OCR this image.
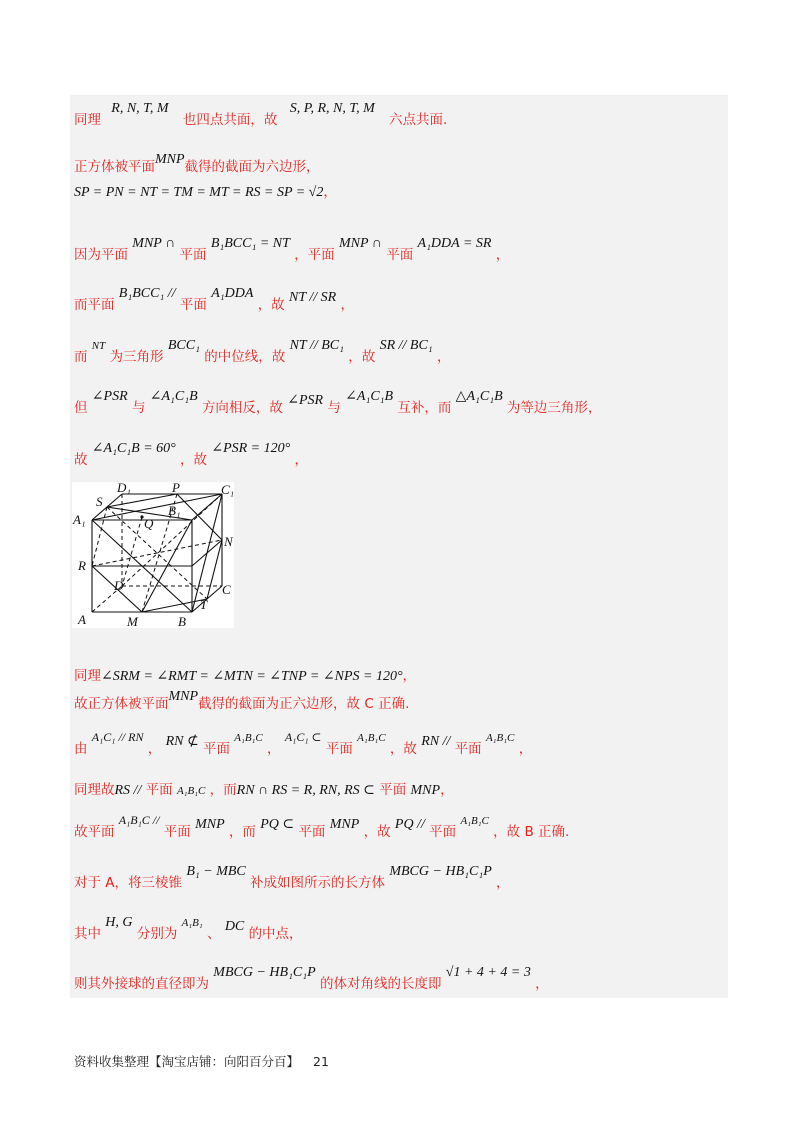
同理 R, N, T, M 也四点共面，故 S, P, R, N, T, M 六点共面.
正方体被平面MNP截得的截面为六边形，
SP = PN = NT = TM = MT = RS = SP = √2，
因为平面 MNP ∩ 平面 B₁BCC₁ = NT ，平面 MNP ∩ 平面 A₁DDA = SR ，
而平面 B₁BCC₁ // 平面 A₁DDA ，故 NT // SR ，
而 $^{NT}$ 为三角形 BCC₁ 的中位线，故 NT // BC₁ ，故 SR // BC₁ ，
但 ∠PSR 与 ∠A₁C₁B 方向相反，故 ∠PSR 与 ∠A₁C₁B 互补，而 △A₁C₁B 为等边三角形，
故 ∠A₁C₁B = 60° ，故 ∠PSR = 120° ，
D₁	P	C₁
S
A₁	Q
B₁
N
R
D	C
T
A	M	B
同理∠SRM = ∠RMT = ∠MTN = ∠TNP = ∠NPS = 120°，
故正方体被平面MNP截得的截面为正六边形，故 C 正确.
由 A₁C₁ // RN ， RN ⊄ 平面 $^{A_1B_1C}$ ， A₁C₁ ⊂ 平面 $^{A_1B_1C}$ ，故 RN // 平面 $^{A_1B_1C}$ ，
同理故RS // 平面 A₁B₁C ，而RN ∩ RS = R, RN, RS ⊂ 平面 MNP，
故平面 A₁B₁C // 平面 MNP ，而 PQ ⊂ 平面 MNP ，故 PQ // 平面 $^{A_1B_1C}$ ，故 B 正确.
对于 A，将三棱锥 B₁ − MBC 补成如图所示的长方体 MBCG − HB₁C₁P ，
其中 H, G 分别为 $^{A_1B_1}$ 、 DC 的中点，
则其外接球的直径即为 MBCG − HB₁C₁P 的体对角线的长度即 √1 + 4 + 4 = 3 ，
资料收集整理【淘宝店铺：向阳百分百】 21
